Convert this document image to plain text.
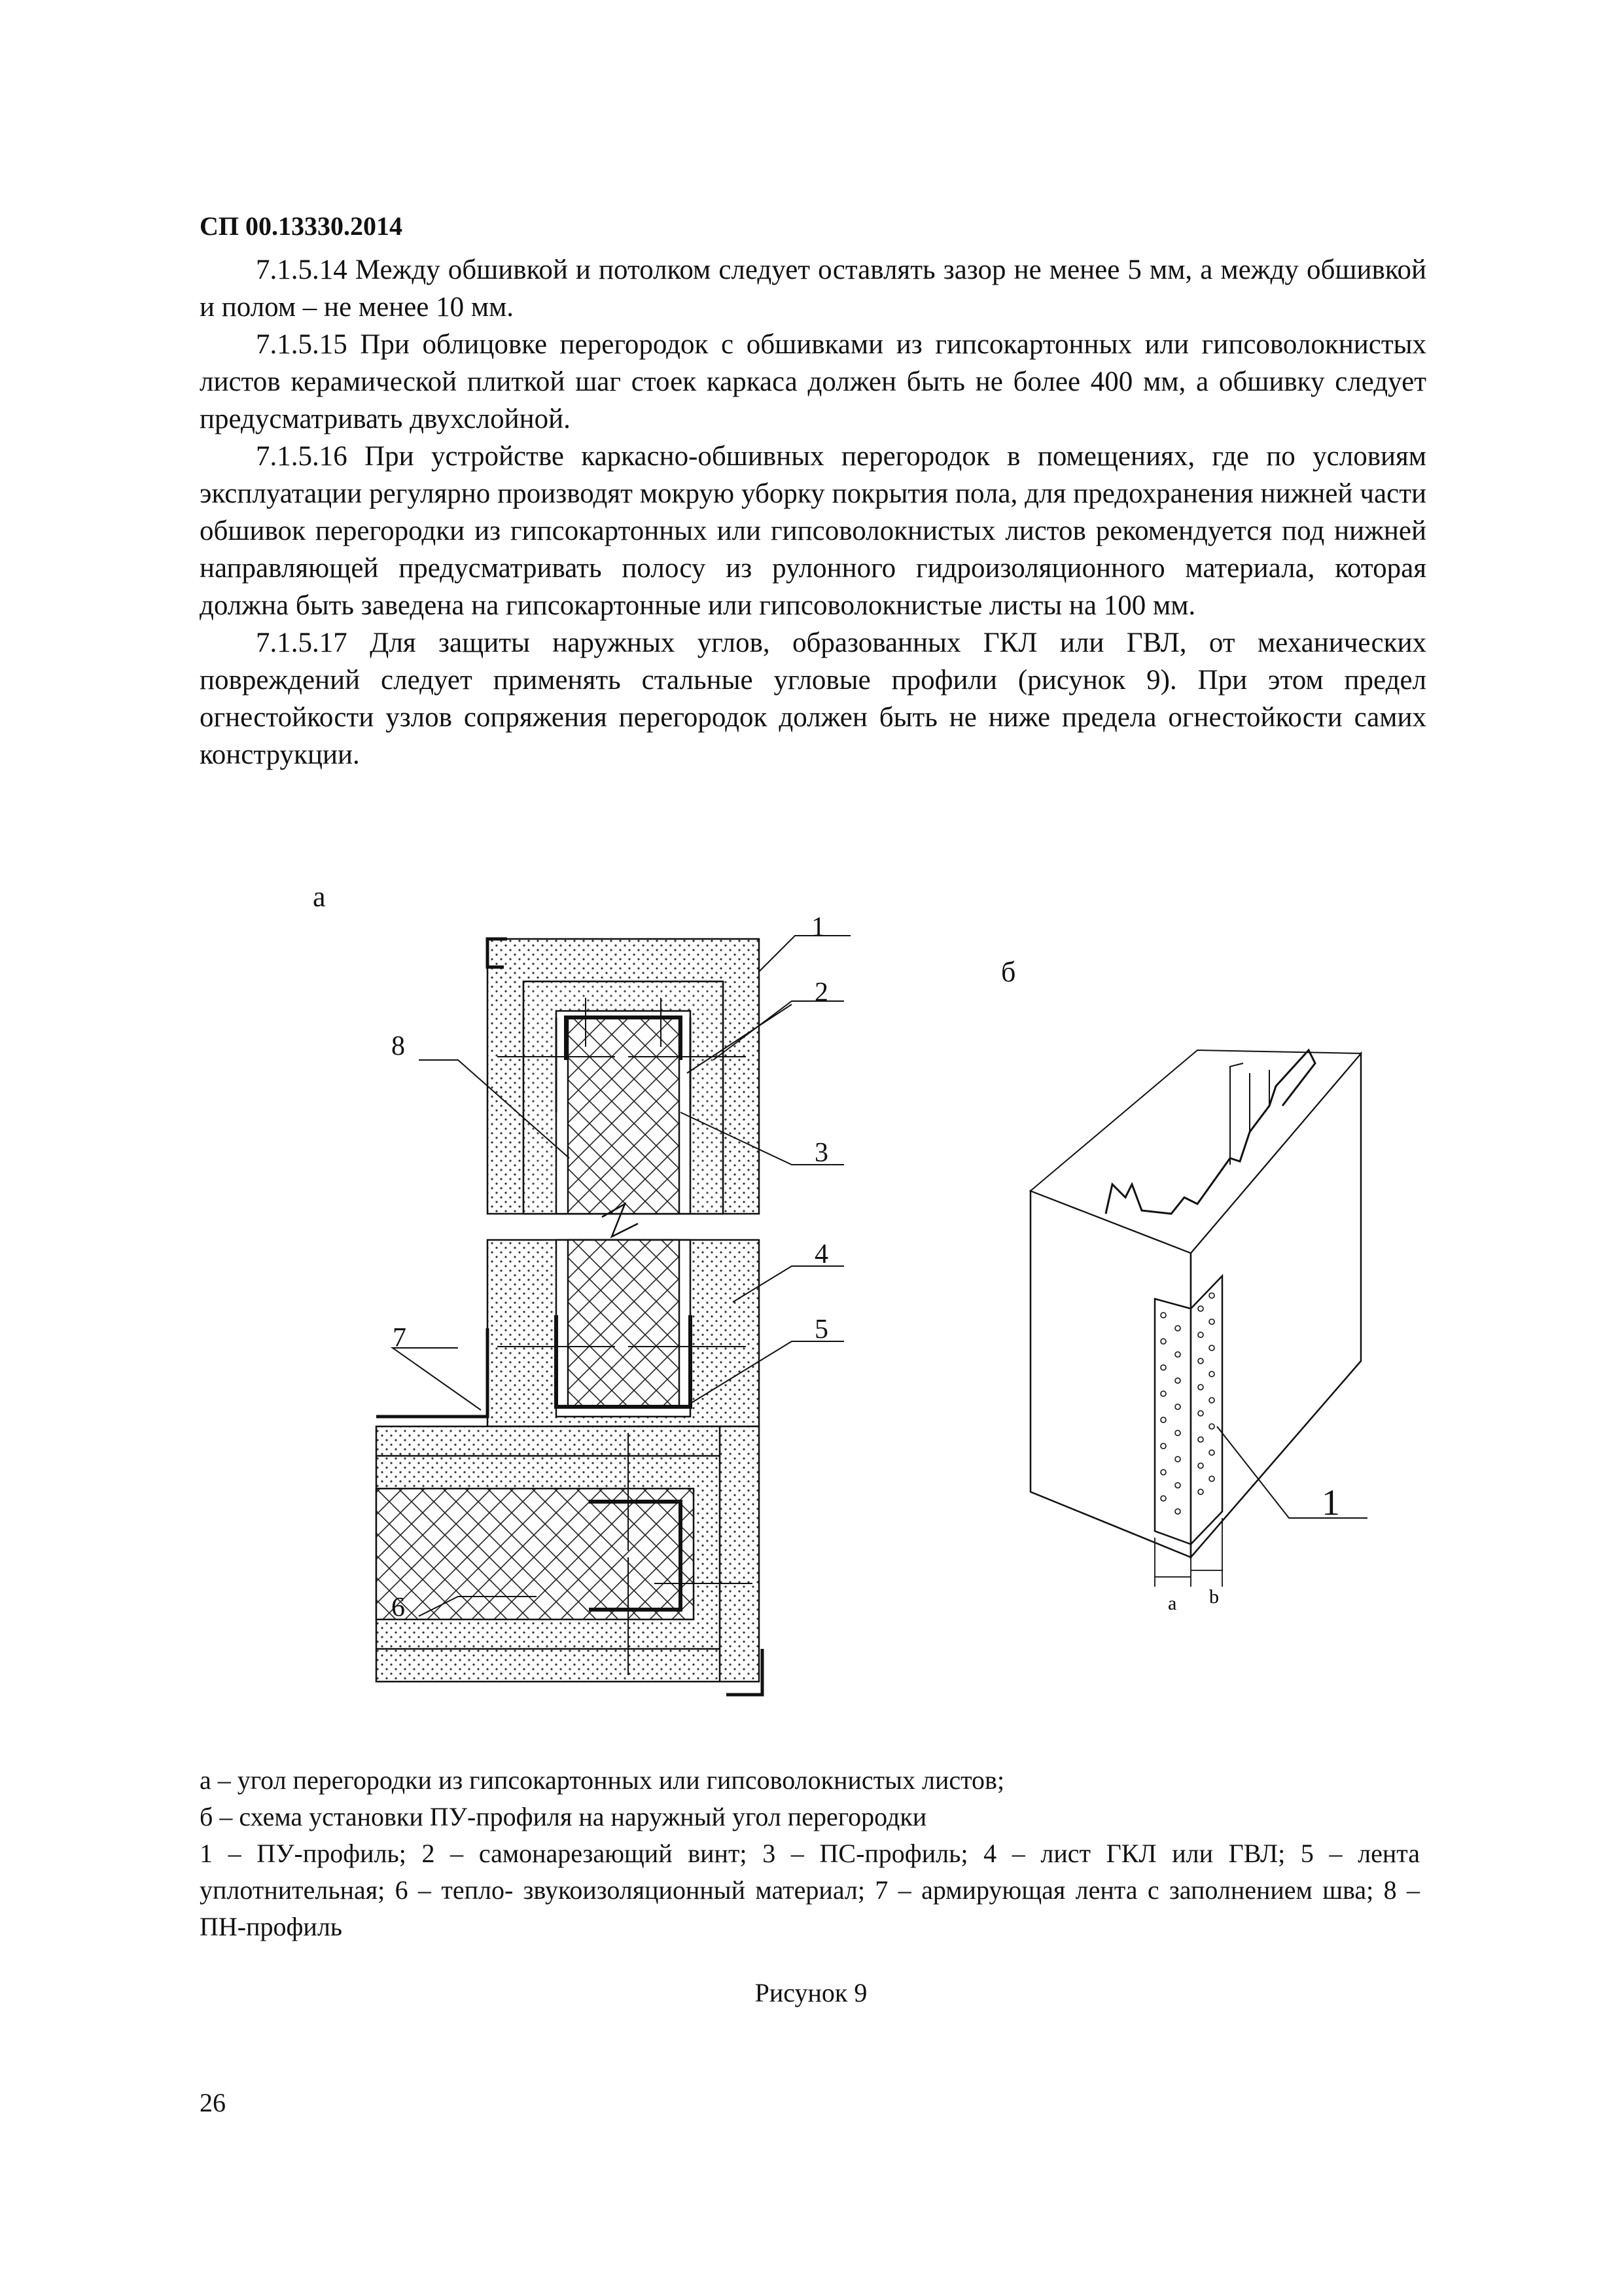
СП 00.13330.2014

7.1.5.14 Между обшивкой и потолком следует оставлять зазор не менее 5 мм, а между обшивкой и полом – не менее 10 мм.

7.1.5.15 При облицовке перегородок с обшивками из гипсокартонных или гипсоволокнистых листов керамической плиткой шаг стоек каркаса должен быть не более 400 мм, а обшивку следует предусматривать двухслойной.

7.1.5.16 При устройстве каркасно-обшивных перегородок в помещениях, где по условиям эксплуатации регулярно производят мокрую уборку покрытия пола, для предохранения нижней части обшивок перегородки из гипсокартонных или гипсоволокнистых листов рекомендуется под нижней направляющей предусматривать полосу из рулонного гидроизоляционного материала, которая должна быть заведена на гипсокартонные или гипсоволокнистые листы на 100 мм.

7.1.5.17 Для защиты наружных углов, образованных ГКЛ или ГВЛ, от механических повреждений следует применять стальные угловые профили (рисунок 9). При этом предел огнестойкости узлов сопряжения перегородок должен быть не ниже предела огнестойкости самих конструкции.

а
б
1
2
3
4
5
6
7
8
1
a b

а – угол перегородки из гипсокартонных или гипсоволокнистых листов;

б – схема установки ПУ-профиля на наружный угол перегородки

1 – ПУ-профиль; 2 – самонарезающий винт; 3 – ПС-профиль; 4 – лист ГКЛ или ГВЛ; 5 – лента уплотнительная; 6 – тепло- звукоизоляционный материал; 7 – армирующая лента с заполнением шва; 8 – ПН-профиль

Рисунок 9
26
